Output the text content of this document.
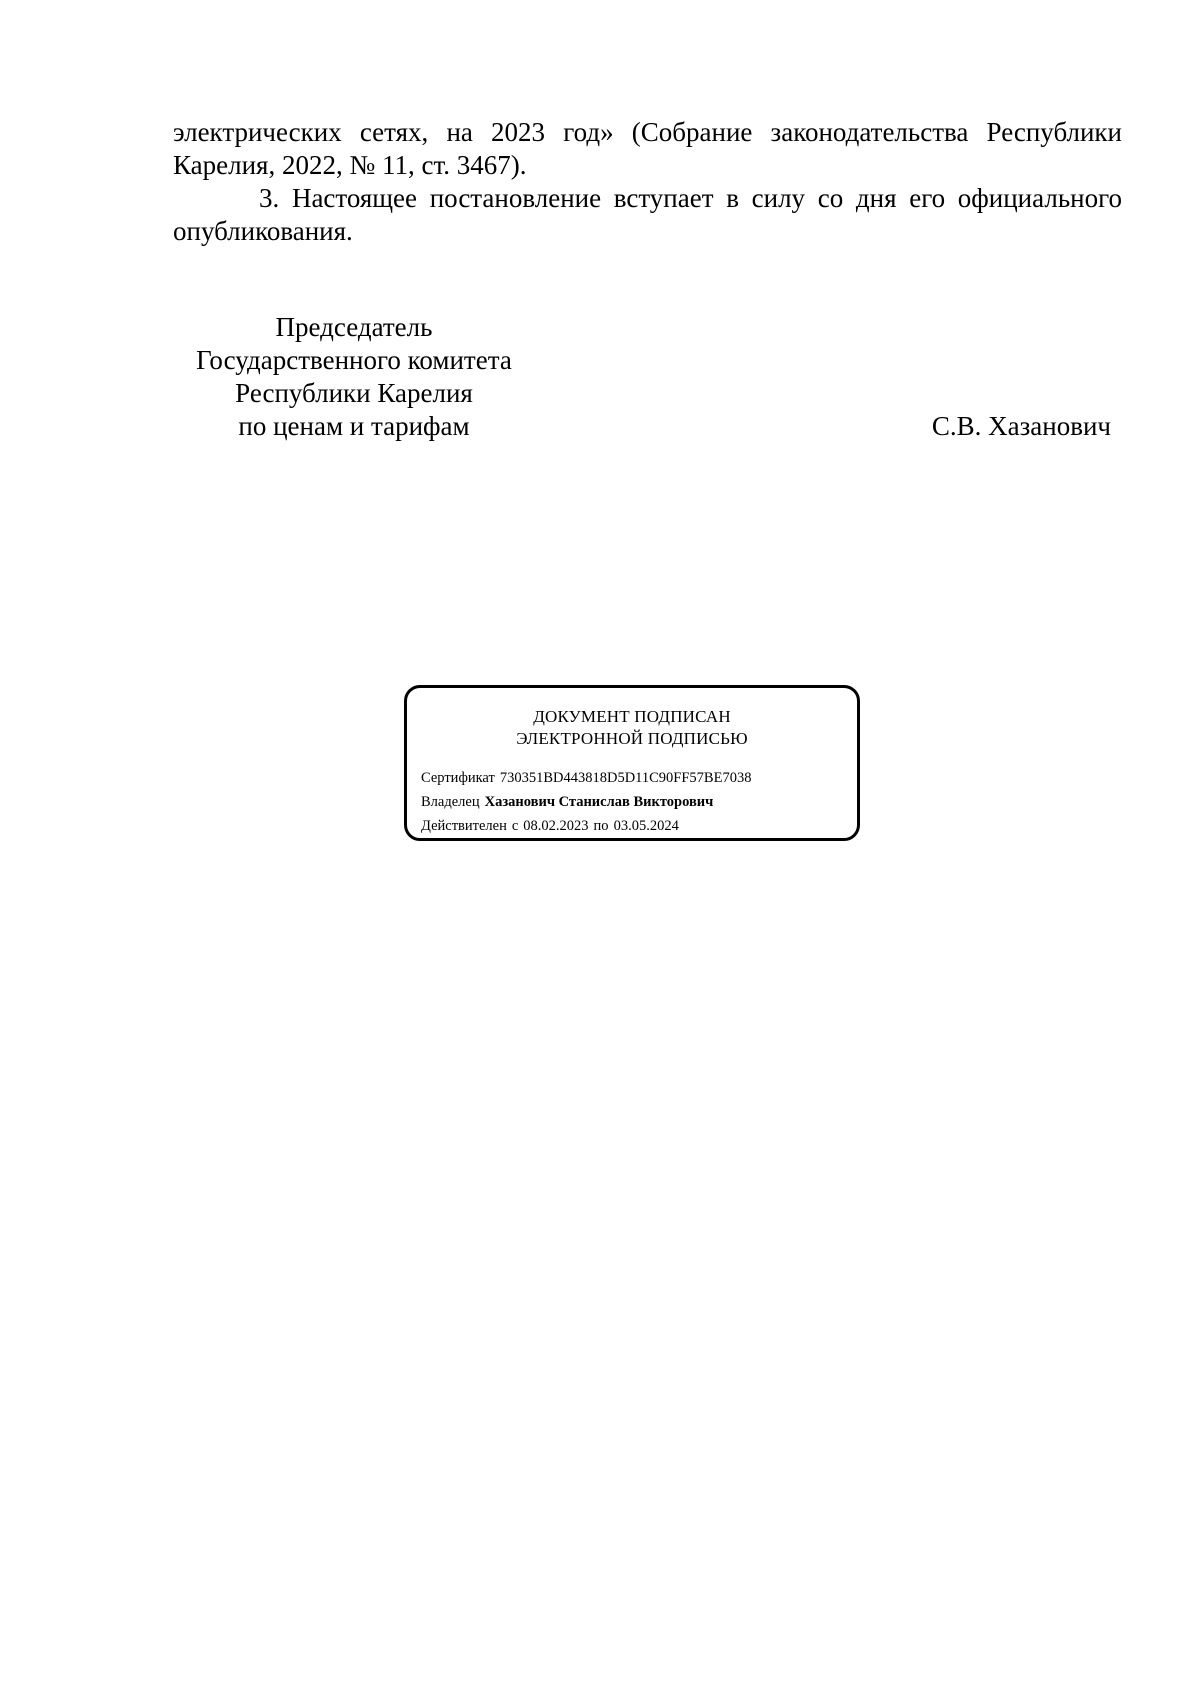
электрических сетях, на 2023 год» (Собрание законодательства Республики Карелия, 2022, № 11, ст. 3467).

3. Настоящее постановление вступает в силу со дня его официального опубликования.

Председатель
Государственного комитета
Республики Карелия
по ценам и тарифам	С.В. Хазанович
ДОКУМЕНТ ПОДПИСАН
ЭЛЕКТРОННОЙ ПОДПИСЬЮ
Сертификат 730351BD443818D5D11C90FF57BE7038
Владелец Хазанович Станислав Викторович
Действителен с 08.02.2023 по 03.05.2024
